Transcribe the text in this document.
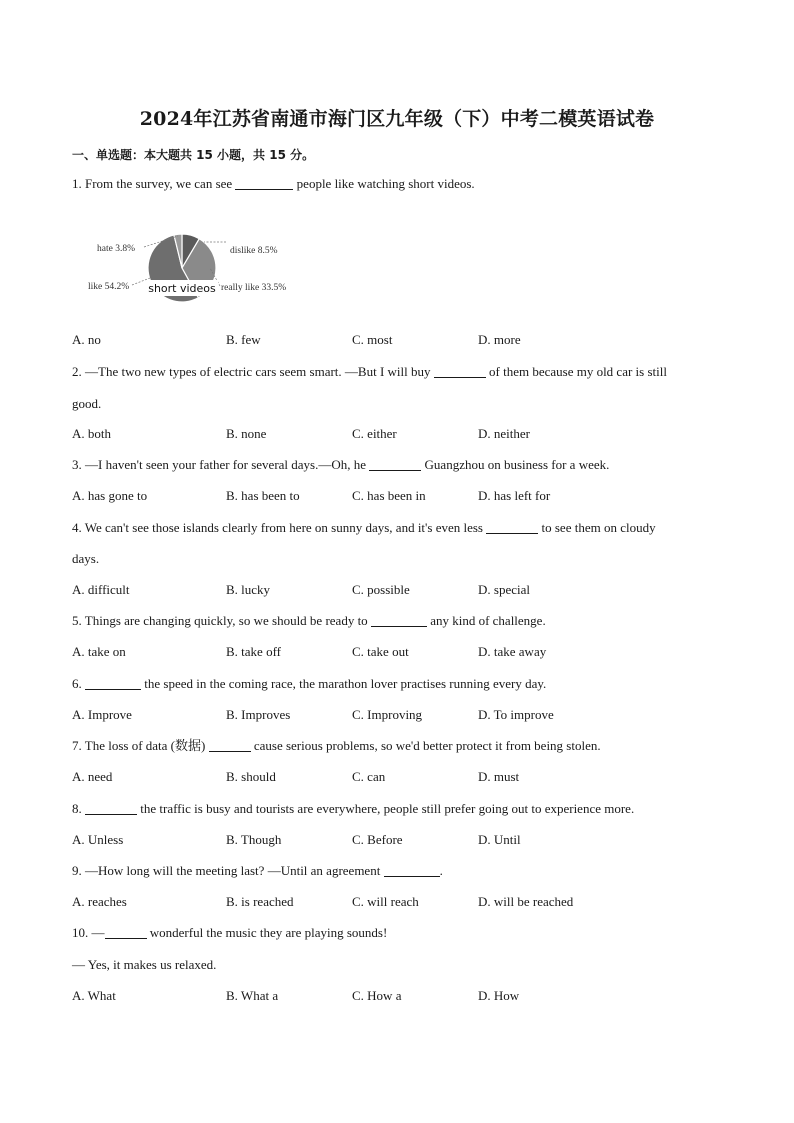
2024年江苏省南通市海门区九年级（下）中考二模英语试卷
一、单选题：本大题共 15 小题，共 15 分。
1. From the survey, we can see	people like watching short videos.
like 54.2%	really like 33.5%
dislike 8.5%
hate 3.8%
short videos
A. no	B. few	C. most	D. more
2. —The two new types of electric cars seem smart. —But I will buy	of them because my old car is still
good.
A. both	B. none	C. either	D. neither
3. —I haven't seen your father for several days.—Oh, he	Guangzhou on business for a week.
A. has gone to	B. has been to	C. has been in	D. has left for
4. We can't see those islands clearly from here on sunny days, and it's even less	to see them on cloudy
days.
A. difficult	B. lucky	C. possible	D. special
5. Things are changing quickly, so we should be ready to	any kind of challenge.
A. take on	B. take off	C. take out	D. take away
6.	the speed in the coming race, the marathon lover practises running every day.
A. Improve	B. Improves	C. Improving	D. To improve
7. The loss of data (数据)	cause serious problems, so we'd better protect it from being stolen.
A. need	B. should	C. can	D. must
8.	the traffic is busy and tourists are everywhere, people still prefer going out to experience more.
A. Unless	B. Though	C. Before	D. Until
9. —How long will the meeting last? —Until an agreement	.
A. reaches	B. is reached	C. will reach	D. will be reached
10. —	wonderful the music they are playing sounds!
— Yes, it makes us relaxed.
A. What	B. What a	C. How a	D. How
